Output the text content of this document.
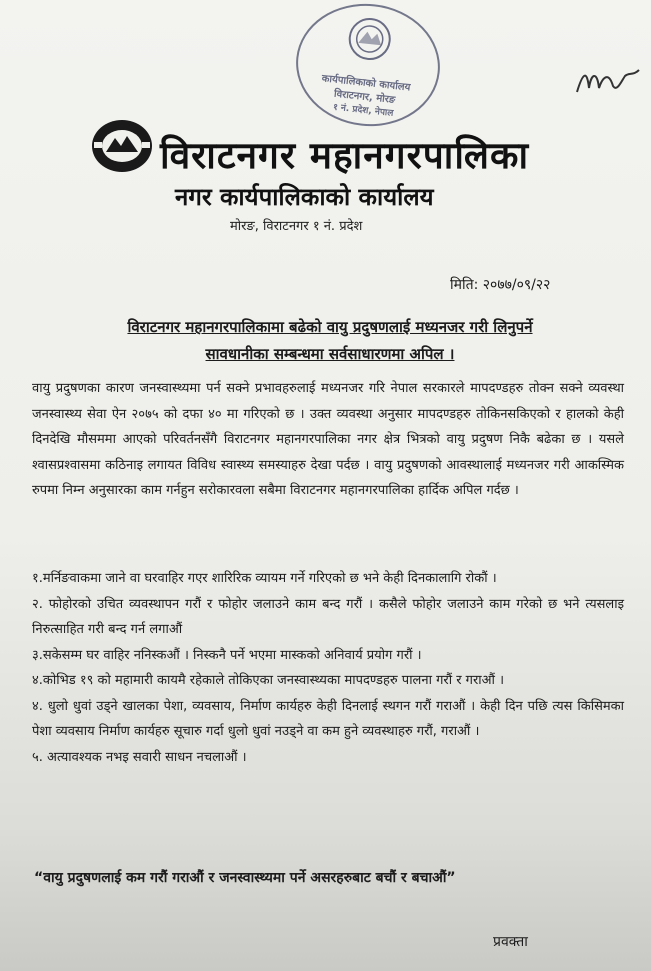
कार्यपालिकाको कार्यालय
विराटनगर, मोरङ
१ नं. प्रदेश, नेपाल
विराटनगर महानगरपालिका
नगर कार्यपालिकाको कार्यालय
मोरङ, विराटनगर १ नं. प्रदेश
मिति: २०७७/०९/२२
विराटनगर महानगरपालिकामा बढेको वायु प्रदुषणलाई मध्यनजर गरी लिनुपर्ने
सावधानीका सम्बन्धमा सर्वसाधारणमा अपिल ।
वायु प्रदुषणका कारण जनस्वास्थ्यमा पर्न सक्ने प्रभावहरुलाई मध्यनजर गरि नेपाल सरकारले मापदण्डहरु तोक्न सक्ने व्यवस्था जनस्वास्थ्य सेवा ऐन २०७५ को दफा ४० मा गरिएको छ । उक्त व्यवस्था अनुसार मापदण्डहरु तोकिनसकिएको र हालको केही दिनदेखि मौसममा आएको परिवर्तनसँगै विराटनगर महानगरपालिका नगर क्षेत्र भित्रको वायु प्रदुषण निकै बढेका छ । यसले श्वासप्रश्वासमा कठिनाइ लगायत विविध स्वास्थ्य समस्याहरु देखा पर्दछ । वायु प्रदुषणको आवस्थालाई मध्यनजर गरी आकस्मिक रुपमा निम्न अनुसारका काम गर्नहुन सरोकारवला सबैमा विराटनगर महानगरपालिका हार्दिक अपिल गर्दछ ।

१.मर्निङवाकमा जाने वा घरवाहिर गएर शारिरिक व्यायम गर्ने गरिएको छ भने केही दिनकालागि रोकौं ।

२. फोहोरको उचित व्यवस्थापन गरौं र फोहोर जलाउने काम बन्द गरौं । कसैले फोहोर जलाउने काम गरेको छ भने त्यसलाइ निरुत्साहित गरी बन्द गर्न लगाऔं

३.सकेसम्म घर वाहिर ननिस्कऔं । निस्कनै पर्ने भएमा मास्कको अनिवार्य प्रयोग गरौं ।

४.कोभिड १९ को महामारी कायमै रहेकाले तोकिएका जनस्वास्थ्यका मापदण्डहरु पालना गरौं र गराऔं ।

४. धुलो धुवां उड्ने खालका पेशा, व्यवसाय, निर्माण कार्यहरु केही दिनलाई स्थगन गरौं गराऔं । केही दिन पछि त्यस किसिमका पेशा व्यवसाय निर्माण कार्यहरु सूचारु गर्दा धुलो धुवां नउड्ने वा कम हुने व्यवस्थाहरु गरौं, गराऔं ।

५. अत्यावश्यक नभइ सवारी साधन नचलाऔं ।

“वायु प्रदुषणलाई कम गरौं गराऔं र जनस्वास्थ्यमा पर्ने असरहरुबाट बचौं र बचाऔं”
प्रवक्ता
